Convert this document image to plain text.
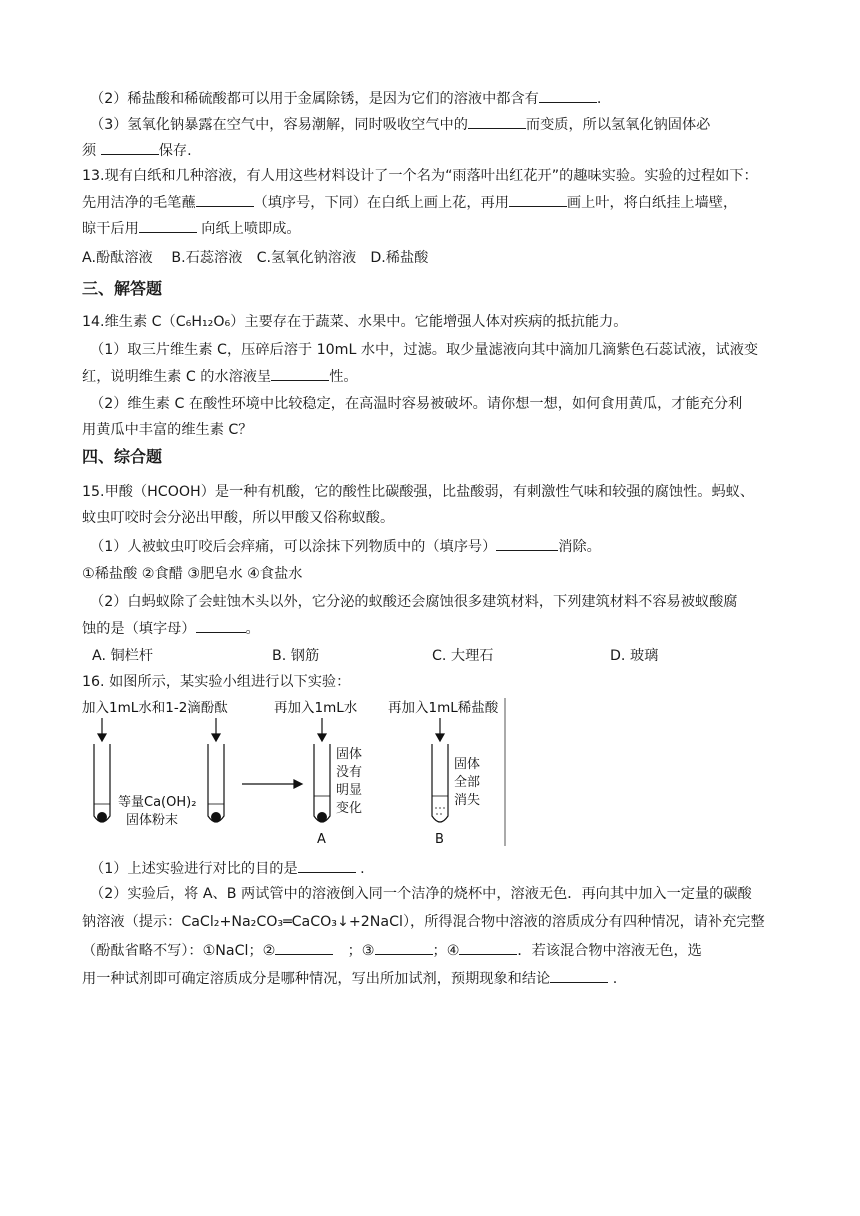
（2）稀盐酸和稀硫酸都可以用于金属除锈，是因为它们的溶液中都含有	.
（3）氢氧化钠暴露在空气中，容易潮解，同时吸收空气中的	而变质，所以氢氧化钠固体必
须	保存.
13.现有白纸和几种溶液，有人用这些材料设计了一个名为“雨落叶出红花开”的趣味实验。实验的过程如下：
先用洁净的毛笔蘸	（填序号，下同）在白纸上画上花，再用	画上叶，将白纸挂上墙壁，
晾干后用	向纸上喷即成。
A.酚酞溶液　 B.石蕊溶液　C.氢氧化钠溶液　D.稀盐酸
三、解答题
14.维生素 C（C₆H₁₂O₆）主要存在于蔬菜、水果中。它能增强人体对疾病的抵抗能力。
（1）取三片维生素 C，压碎后溶于 10mL 水中，过滤。取少量滤液向其中滴加几滴紫色石蕊试液，试液变
红，说明维生素 C 的水溶液呈	性。
（2）维生素 C 在酸性环境中比较稳定，在高温时容易被破坏。请你想一想，如何食用黄瓜，才能充分利
用黄瓜中丰富的维生素 C？
四、综合题
15.甲酸（HCOOH）是一种有机酸，它的酸性比碳酸强，比盐酸弱，有刺激性气味和较强的腐蚀性。蚂蚁、
蚊虫叮咬时会分泌出甲酸，所以甲酸又俗称蚁酸。
（1）人被蚊虫叮咬后会痒痛，可以涂抹下列物质中的（填序号）	消除。
①稀盐酸 ②食醋 ③肥皂水 ④食盐水
（2）白蚂蚁除了会蛀蚀木头以外，它分泌的蚁酸还会腐蚀很多建筑材料，下列建筑材料不容易被蚁酸腐
蚀的是（填字母）	。
A. 铜栏杆	B. 钢筋	C. 大理石	D. 玻璃
16. 如图所示，某实验小组进行以下实验：
加入1mL水和1-2滴酚酞	再加入1mL水 再加入1mL稀盐酸
等量Ca(OH)₂
固体粉末
固体
没有
明显
变化
固体
全部
消失
A	B
（1）上述实验进行对比的目的是	.
（2）实验后，将 A、B 两试管中的溶液倒入同一个洁净的烧杯中，溶液无色．再向其中加入一定量的碳酸
钠溶液（提示：CaCl₂+Na₂CO₃═CaCO₃↓+2NaCl），所得混合物中溶液的溶质成分有四种情况，请补充完整
（酚酞省略不写）：①NaCl；②　	；③	；④	．若该混合物中溶液无色，选
用一种试剂即可确定溶质成分是哪种情况，写出所加试剂，预期现象和结论	.
